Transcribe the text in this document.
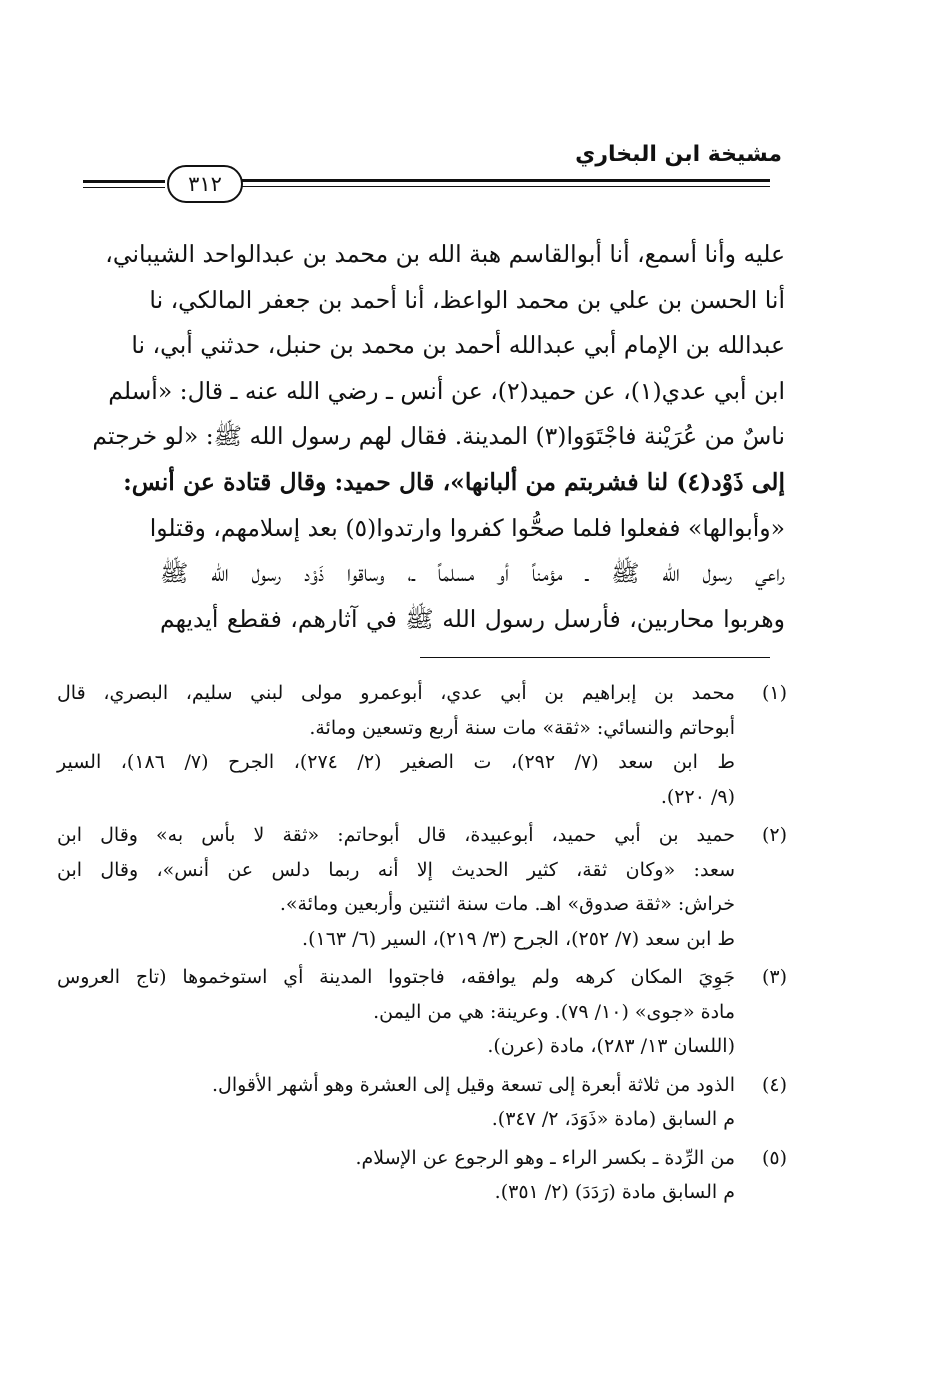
مشيخة ابن البخاري
٣١٢
عليه وأنا أسمع، أنا أبوالقاسم هبة الله بن محمد بن عبدالواحد الشيباني،
أنا الحسن بن علي بن محمد الواعظ، أنا أحمد بن جعفر المالكي، نا
عبدالله بن الإمام أبي عبدالله أحمد بن محمد بن حنبل، حدثني أبي، نا
ابن أبي عدي(١)، عن حميد(٢)، عن أنس ـ رضي الله عنه ـ قال: «أسلم
ناسٌ من عُرَيْنة فاجْتَوَوا(٣) المدينة. فقال لهم رسول الله ﷺ: «لو خرجتم
إلى ذَوْد(٤) لنا فشربتم من ألبانها»، قال حميد: وقال قتادة عن أنس:
«وأبوالها» ففعلوا فلما صحُّوا كفروا وارتدوا(٥) بعد إسلامهم، وقتلوا
راعي رسول الله ﷺ ـ مؤمناً أو مسلماً ـ، وساقوا ذَوْد رسول الله ﷺ
وهربوا محاربين، فأرسل رسول الله ﷺ في آثارهم، فقطع أيديهم
(١)
محمد بن إبراهيم بن أبي عدي، أبوعمرو مولى لبني سليم، البصري، قال
أبوحاتم والنسائي: «ثقة» مات سنة أربع وتسعين ومائة.
ط ابن سعد (٧/ ٢٩٢)، ت الصغير (٢/ ٢٧٤)، الجرح (٧/ ١٨٦)، السير
(٩/ ٢٢٠).
(٢)
حميد بن أبي حميد، أبوعبيدة، قال أبوحاتم: «ثقة لا بأس به» وقال ابن
سعد: «وكان ثقة، كثير الحديث إلا أنه ربما دلس عن أنس»، وقال ابن
خراش: «ثقة صدوق» اهـ. مات سنة اثنتين وأربعين ومائة».
ط ابن سعد (٧/ ٢٥٢)، الجرح (٣/ ٢١٩)، السير (٦/ ١٦٣).
(٣)
جَوِيَ المكان كرهه ولم يوافقه، فاجتووا المدينة أي استوخموها (تاج العروس
مادة «جوى» (١٠/ ٧٩). وعرينة: هي من اليمن.
(اللسان ١٣/ ٢٨٣)، مادة (عرن).
(٤)
الذود من ثلاثة أبعرة إلى تسعة وقيل إلى العشرة وهو أشهر الأقوال.
م السابق (مادة «ذَوَدَ، ٢/ ٣٤٧).
(٥)
من الرِّدة ـ بكسر الراء ـ وهو الرجوع عن الإسلام.
م السابق مادة (رَدَدَ) (٢/ ٣٥١).
